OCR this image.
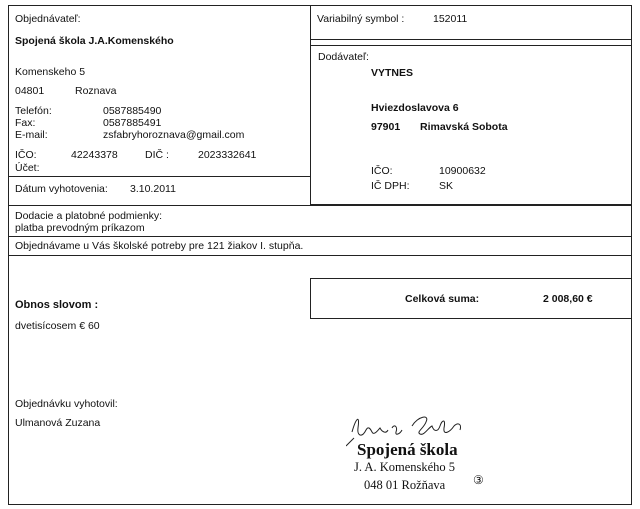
Variabilný symbol :	152011
Dodávateľ:
VYTNES
Hviezdoslavova 6
97901 Rimavská Sobota
IČO:	10900632
IČ DPH:	SK
Objednávateľ:
Spojená škola J.A.Komenského
Komenskeho 5
04801	Roznava
Telefón:	0587885490
Fax:	0587885491
E-mail:	zsfabryhoroznava@gmail.com
IČO:	42243378	DIČ :	2023332641
Účet:
Dátum vyhotovenia: 3.10.2011
Dodacie a platobné podmienky:
platba prevodným príkazom
Objednávame u Vás školské potreby pre 121 žiakov I. stupňa.
Obnos slovom :
dvetisícosem € 60
Celková suma:	2 008,60 €
Objednávku vyhotovil:
Ulmanová Zuzana
Spojená škola
J. A. Komenského 5
048 01 Rožňava ③
